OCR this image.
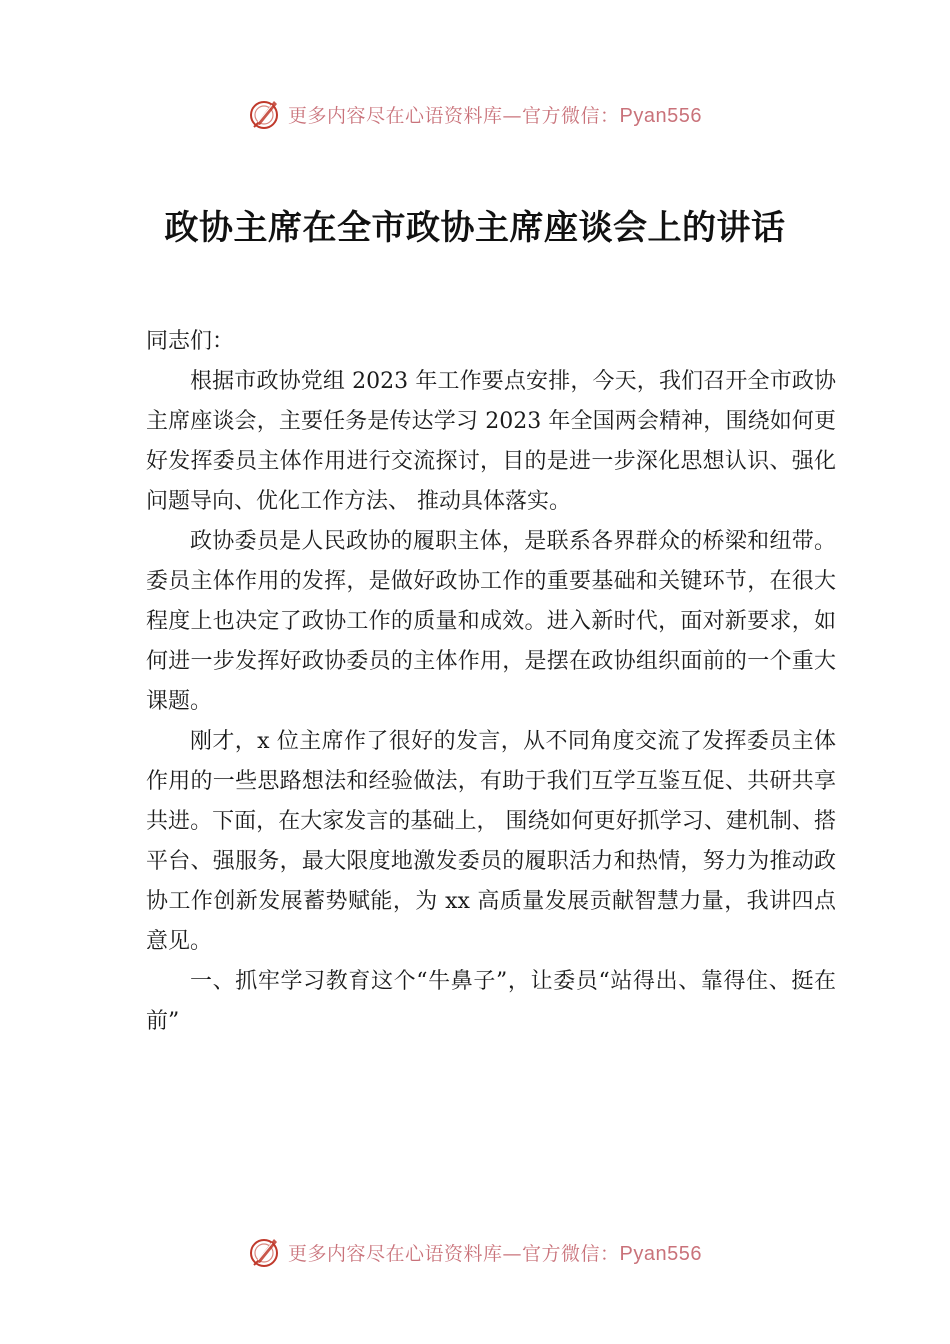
更多内容尽在心语资料库—官方微信：Pyan556
政协主席在全市政协主席座谈会上的讲话

同志们：

根据市政协党组 2023 年工作要点安排，今天，我们召开全市政协主席座谈会，主要任务是传达学习 2023 年全国两会精神，围绕如何更好发挥委员主体作用进行交流探讨，目的是进一步深化思想认识、强化问题导向、优化工作方法、 推动具体落实。

政协委员是人民政协的履职主体，是联系各界群众的桥梁和纽带。委员主体作用的发挥，是做好政协工作的重要基础和关键环节，在很大程度上也决定了政协工作的质量和成效。进入新时代，面对新要求，如何进一步发挥好政协委员的主体作用，是摆在政协组织面前的一个重大课题。

刚才，x 位主席作了很好的发言，从不同角度交流了发挥委员主体作用的一些思路想法和经验做法，有助于我们互学互鉴互促、共研共享共进。下面，在大家发言的基础上， 围绕如何更好抓学习、建机制、搭平台、强服务，最大限度地激发委员的履职活力和热情，努力为推动政协工作创新发展蓄势赋能，为 xx 高质量发展贡献智慧力量，我讲四点意见。

一、抓牢学习教育这个“牛鼻子”，让委员“站得出、靠得住、挺在前”

更多内容尽在心语资料库—官方微信：Pyan556
